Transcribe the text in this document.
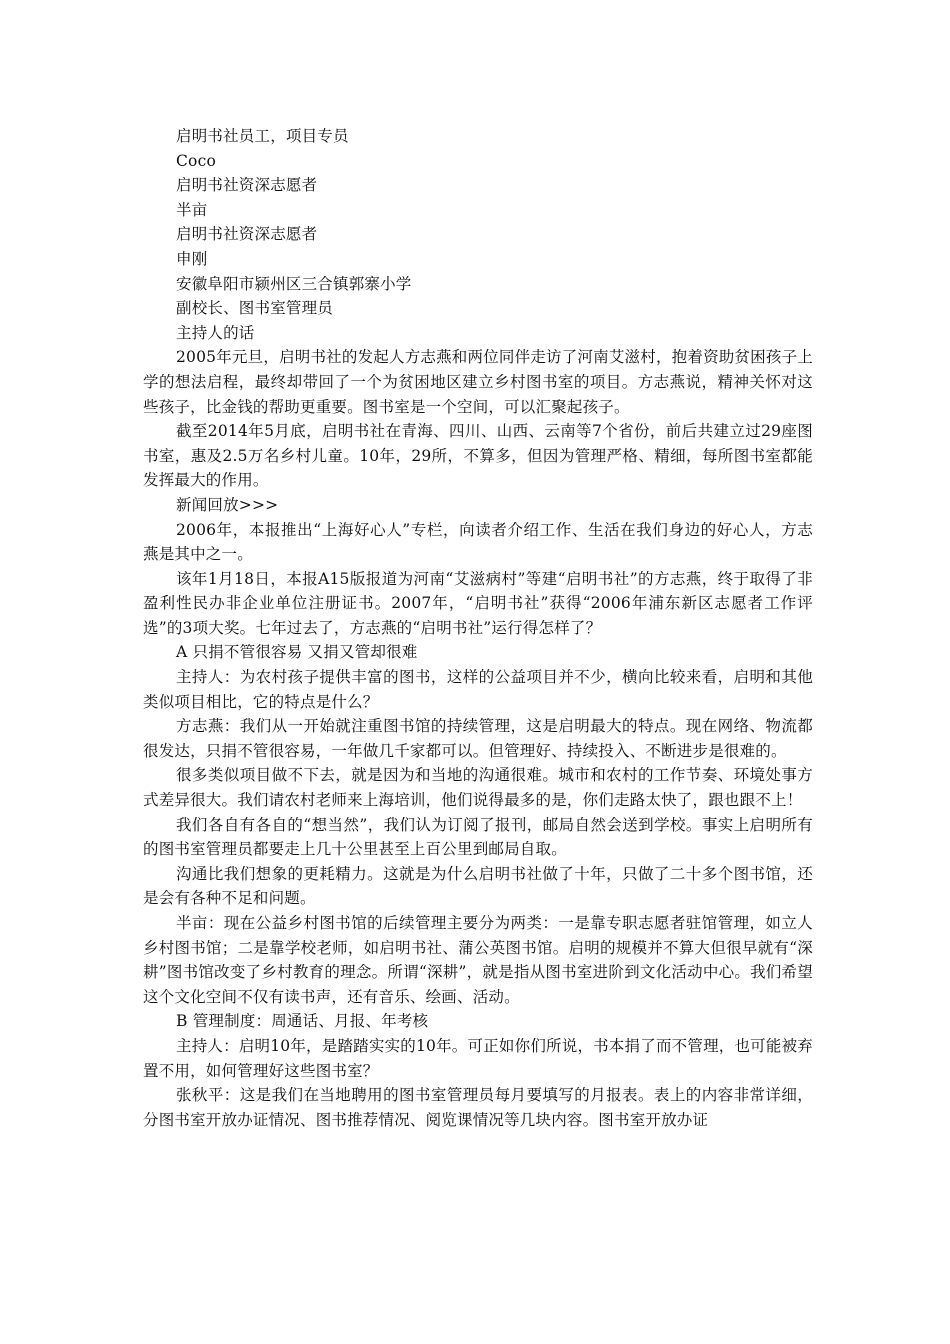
启明书社员工，项目专员

Coco

启明书社资深志愿者

半亩

启明书社资深志愿者

申刚

安徽阜阳市颍州区三合镇郭寨小学

副校长、图书室管理员

主持人的话

2005年元旦，启明书社的发起人方志燕和两位同伴走访了河南艾滋村，抱着资助贫困孩子上学的想法启程，最终却带回了一个为贫困地区建立乡村图书室的项目。方志燕说，精神关怀对这些孩子，比金钱的帮助更重要。图书室是一个空间，可以汇聚起孩子。

截至2014年5月底，启明书社在青海、四川、山西、云南等7个省份，前后共建立过29座图书室，惠及2.5万名乡村儿童。10年，29所，不算多，但因为管理严格、精细，每所图书室都能发挥最大的作用。

新闻回放>>>

2006年，本报推出“上海好心人”专栏，向读者介绍工作、生活在我们身边的好心人，方志燕是其中之一。

该年1月18日，本报A15版报道为河南“艾滋病村”等建“启明书社”的方志燕，终于取得了非盈利性民办非企业单位注册证书。2007年，“启明书社”获得“2006年浦东新区志愿者工作评选”的3项大奖。七年过去了，方志燕的“启明书社”运行得怎样了？

A 只捐不管很容易 又捐又管却很难

主持人：为农村孩子提供丰富的图书，这样的公益项目并不少，横向比较来看，启明和其他类似项目相比，它的特点是什么？

方志燕：我们从一开始就注重图书馆的持续管理，这是启明最大的特点。现在网络、物流都很发达，只捐不管很容易，一年做几千家都可以。但管理好、持续投入、不断进步是很难的。

很多类似项目做不下去，就是因为和当地的沟通很难。城市和农村的工作节奏、环境处事方式差异很大。我们请农村老师来上海培训，他们说得最多的是，你们走路太快了，跟也跟不上！

我们各自有各自的“想当然”，我们认为订阅了报刊，邮局自然会送到学校。事实上启明所有的图书室管理员都要走上几十公里甚至上百公里到邮局自取。

沟通比我们想象的更耗精力。这就是为什么启明书社做了十年，只做了二十多个图书馆，还是会有各种不足和问题。

半亩：现在公益乡村图书馆的后续管理主要分为两类：一是靠专职志愿者驻馆管理，如立人乡村图书馆；二是靠学校老师，如启明书社、蒲公英图书馆。启明的规模并不算大但很早就有“深耕”图书馆改变了乡村教育的理念。所谓“深耕”，就是指从图书室进阶到文化活动中心。我们希望这个文化空间不仅有读书声，还有音乐、绘画、活动。

B 管理制度：周通话、月报、年考核

主持人：启明10年，是踏踏实实的10年。可正如你们所说，书本捐了而不管理，也可能被弃置不用，如何管理好这些图书室？

张秋平：这是我们在当地聘用的图书室管理员每月要填写的月报表。表上的内容非常详细，分图书室开放办证情况、图书推荐情况、阅览课情况等几块内容。图书室开放办证
